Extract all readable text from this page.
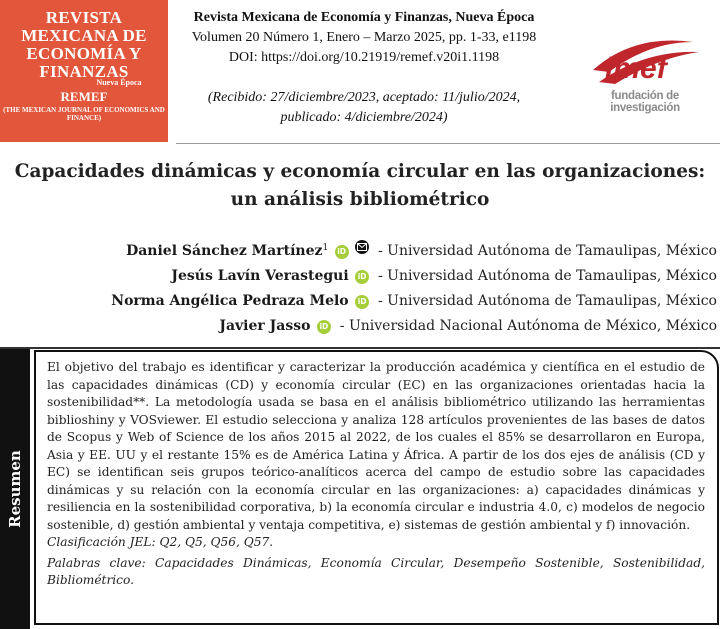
REVISTA MEXICANA DE ECONOMÍA Y FINANZAS
Nueva Época
REMEF
(THE MEXICAN JOURNAL OF ECONOMICS AND FINANCE)
Revista Mexicana de Economía y Finanzas, Nueva Época
Volumen 20 Número 1, Enero – Marzo 2025, pp. 1-33, e1198
DOI: https://doi.org/10.21919/remef.v20i1.1198
(Recibido: 27/diciembre/2023, aceptado: 11/julio/2024,
publicado: 4/diciembre/2024)
imef
fundación de investigación
Capacidades dinámicas y economía circular en las organizaciones: un análisis bibliométrico
Daniel Sánchez Martínez$^1$ iD - Universidad Autónoma de Tamaulipas, México
Jesús Lavín Verastegui iD - Universidad Autónoma de Tamaulipas, México
Norma Angélica Pedraza Melo iD - Universidad Autónoma de Tamaulipas, México
Javier Jasso iD - Universidad Nacional Autónoma de México, México
Resumen

El objetivo del trabajo es identificar y caracterizar la producción académica y científica en el estudio de las capacidades dinámicas (CD) y economía circular (EC) en las organizaciones orientadas hacia la sostenibilidad**. La metodología usada se basa en el análisis bibliométrico utilizando las herramientas biblioshiny y VOSviewer. El estudio selecciona y analiza 128 artículos provenientes de las bases de datos de Scopus y Web of Science de los años 2015 al 2022, de los cuales el 85% se desarrollaron en Europa, Asia y EE. UU y el restante 15% es de América Latina y África. A partir de los dos ejes de análisis (CD y EC) se identifican seis grupos teórico-analíticos acerca del campo de estudio sobre las capacidades dinámicas y su relación con la economía circular en las organizaciones: a) capacidades dinámicas y resiliencia en la sostenibilidad corporativa, b) la economía circular e industria 4.0, c) modelos de negocio sostenible, d) gestión ambiental y ventaja competitiva, e) sistemas de gestión ambiental y f) innovación.

Clasificación JEL: Q2, Q5, Q56, Q57.

Palabras clave: Capacidades Dinámicas, Economía Circular, Desempeño Sostenible, Sostenibilidad, Bibliométrico.
